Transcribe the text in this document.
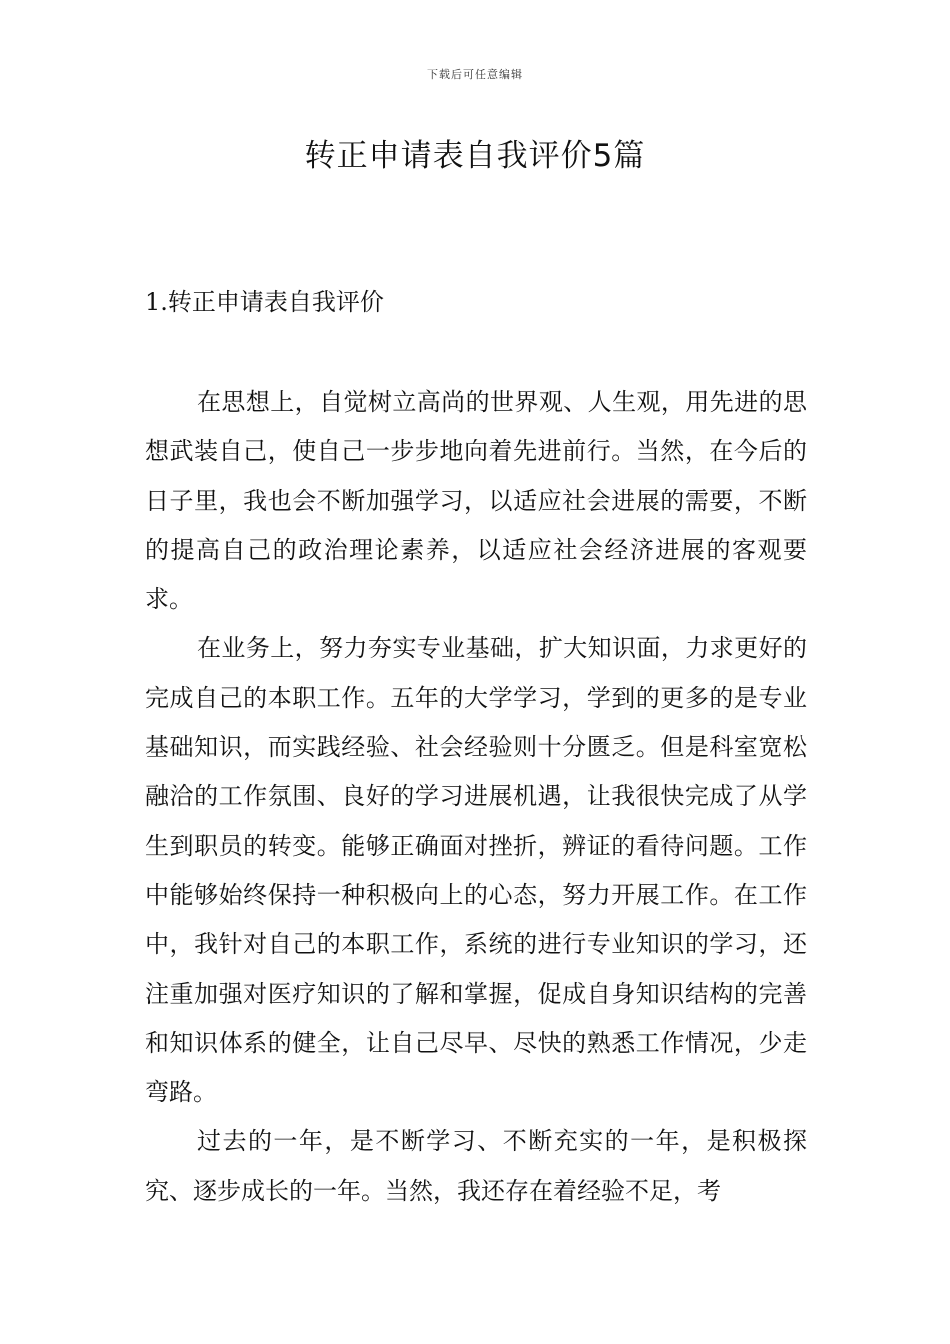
下载后可任意编辑
转正申请表自我评价5篇
1.转正申请表自我评价

在思想上，自觉树立高尚的世界观、人生观，用先进的思想武装自己，使自己一步步地向着先进前行。当然，在今后的日子里，我也会不断加强学习，以适应社会进展的需要，不断的提高自己的政治理论素养，以适应社会经济进展的客观要求。

在业务上，努力夯实专业基础，扩大知识面，力求更好的完成自己的本职工作。五年的大学学习，学到的更多的是专业基础知识，而实践经验、社会经验则十分匮乏。但是科室宽松融洽的工作氛围、良好的学习进展机遇，让我很快完成了从学生到职员的转变。能够正确面对挫折，辨证的看待问题。工作中能够始终保持一种积极向上的心态，努力开展工作。在工作中，我针对自己的本职工作，系统的进行专业知识的学习，还注重加强对医疗知识的了解和掌握，促成自身知识结构的完善和知识体系的健全，让自己尽早、尽快的熟悉工作情况，少走弯路。

过去的一年，是不断学习、不断充实的一年，是积极探究、逐步成长的一年。当然，我还存在着经验不足，考
